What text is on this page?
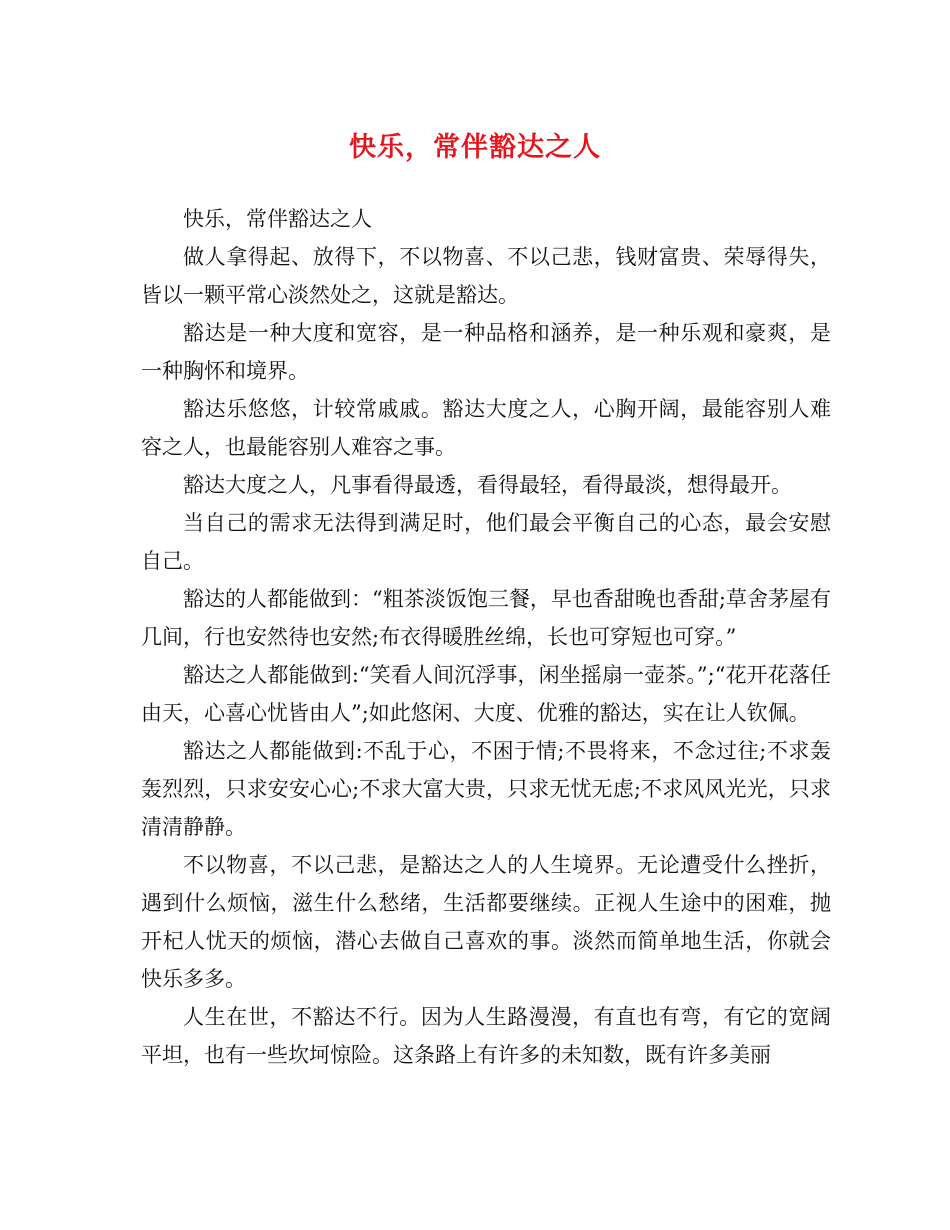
快乐，常伴豁达之人

快乐，常伴豁达之人

做人拿得起、放得下，不以物喜、不以己悲，钱财富贵、荣辱得失，皆以一颗平常心淡然处之，这就是豁达。

豁达是一种大度和宽容，是一种品格和涵养，是一种乐观和豪爽，是一种胸怀和境界。

豁达乐悠悠，计较常戚戚。豁达大度之人，心胸开阔，最能容别人难容之人，也最能容别人难容之事。

豁达大度之人，凡事看得最透，看得最轻，看得最淡，想得最开。

当自己的需求无法得到满足时，他们最会平衡自己的心态，最会安慰自己。

豁达的人都能做到：“粗茶淡饭饱三餐，早也香甜晚也香甜;草舍茅屋有几间，行也安然待也安然;布衣得暖胜丝绵，长也可穿短也可穿。”

豁达之人都能做到:“笑看人间沉浮事，闲坐摇扇一壶茶。”;“花开花落任由天，心喜心忧皆由人”;如此悠闲、大度、优雅的豁达，实在让人钦佩。

豁达之人都能做到:不乱于心，不困于情;不畏将来，不念过往;不求轰轰烈烈，只求安安心心;不求大富大贵，只求无忧无虑;不求风风光光，只求清清静静。

不以物喜，不以己悲，是豁达之人的人生境界。无论遭受什么挫折，遇到什么烦恼，滋生什么愁绪，生活都要继续。正视人生途中的困难，抛开杞人忧天的烦恼，潜心去做自己喜欢的事。淡然而简单地生活，你就会快乐多多。

人生在世，不豁达不行。因为人生路漫漫，有直也有弯，有它的宽阔平坦，也有一些坎坷惊险。这条路上有许多的未知数，既有许多美丽
